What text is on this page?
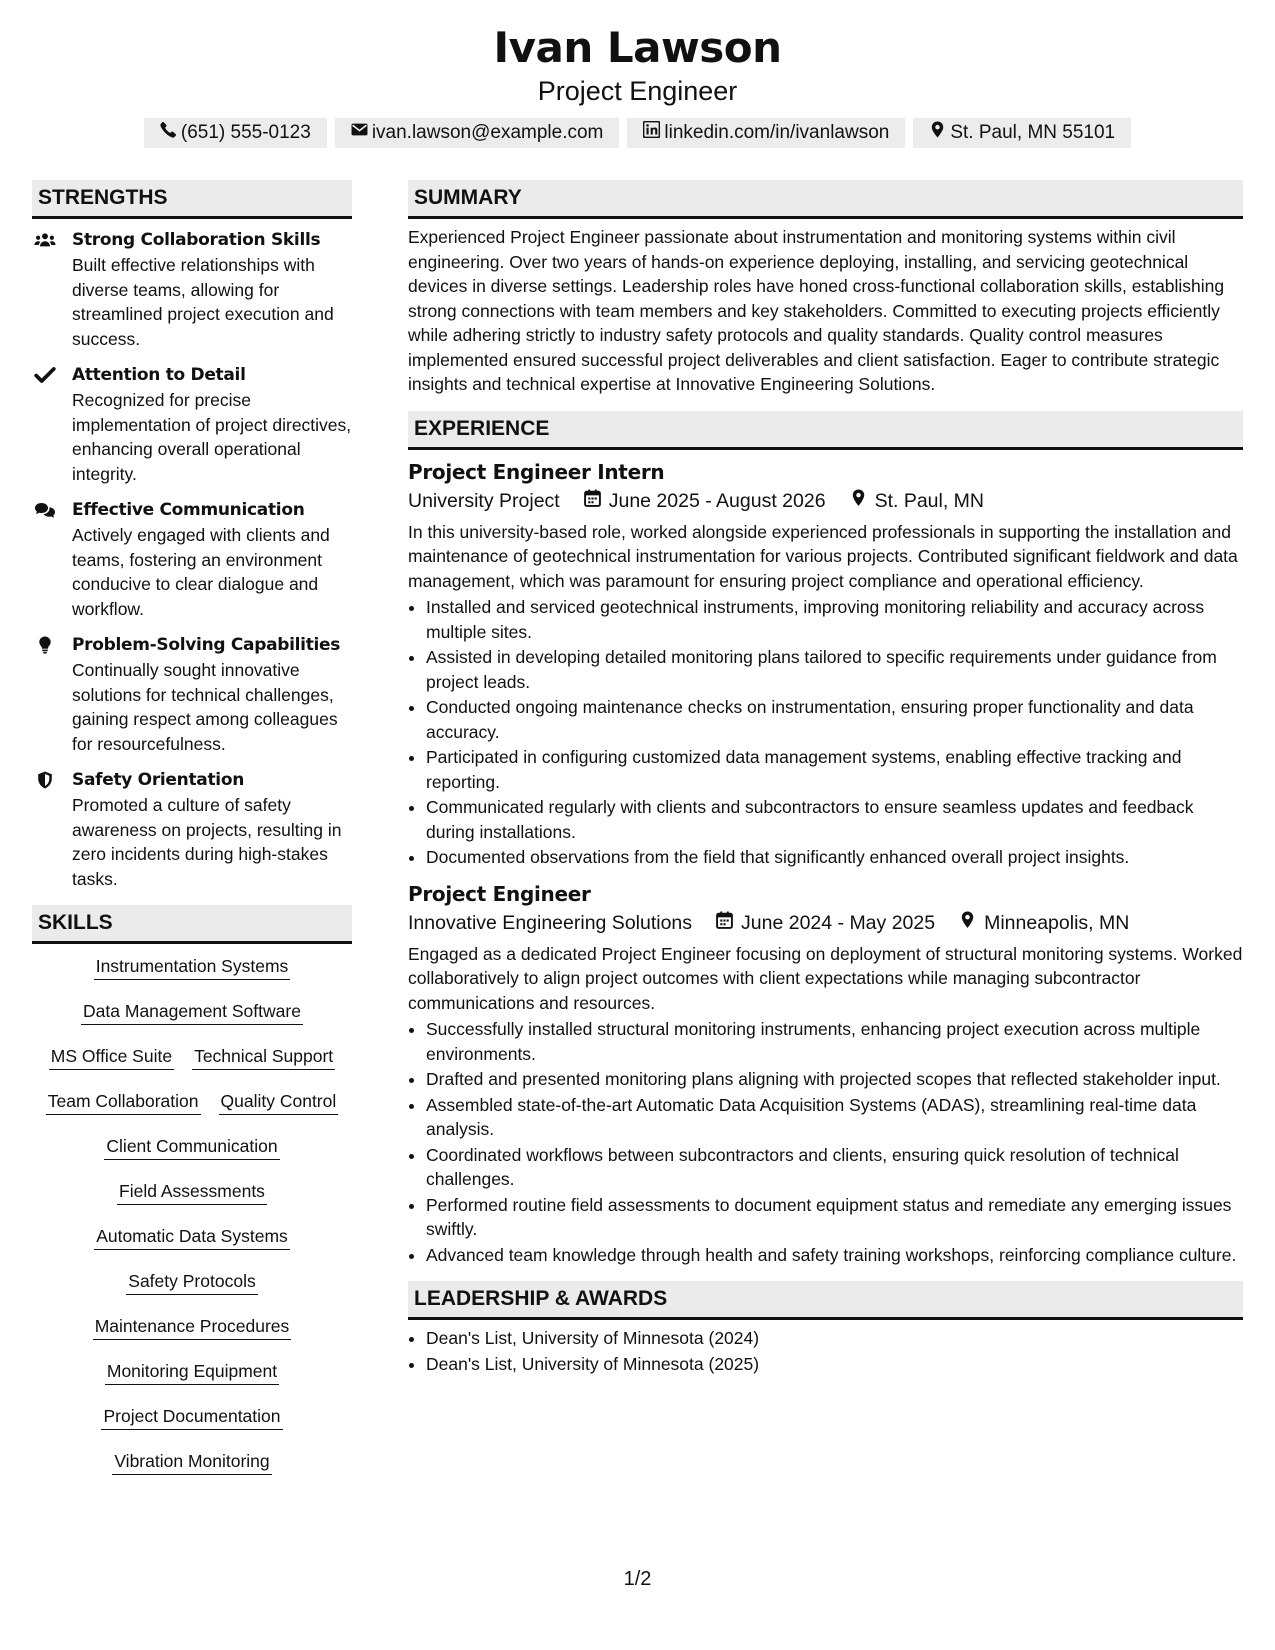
Ivan Lawson
Project Engineer
(651) 555-0123	ivan.lawson@example.com	linkedin.com/in/ivanlawson	St. Paul, MN 55101
STRENGTHS
Strong Collaboration Skills
Built effective relationships with diverse teams, allowing for streamlined project execution and success.
Attention to Detail
Recognized for precise implementation of project directives, enhancing overall operational integrity.
Effective Communication
Actively engaged with clients and teams, fostering an environment conducive to clear dialogue and workflow.
Problem-Solving Capabilities
Continually sought innovative solutions for technical challenges, gaining respect among colleagues for resourcefulness.
Safety Orientation
Promoted a culture of safety awareness on projects, resulting in zero incidents during high-stakes tasks.
SKILLS
Instrumentation Systems
Data Management Software
MS Office Suite Technical Support
Team Collaboration Quality Control
Client Communication
Field Assessments
Automatic Data Systems
Safety Protocols
Maintenance Procedures
Monitoring Equipment
Project Documentation
Vibration Monitoring
SUMMARY
Experienced Project Engineer passionate about instrumentation and monitoring systems within civil engineering. Over two years of hands-on experience deploying, installing, and servicing geotechnical devices in diverse settings. Leadership roles have honed cross-functional collaboration skills, establishing strong connections with team members and key stakeholders. Committed to executing projects efficiently while adhering strictly to industry safety protocols and quality standards. Quality control measures implemented ensured successful project deliverables and client satisfaction. Eager to contribute strategic insights and technical expertise at Innovative Engineering Solutions.
EXPERIENCE
Project Engineer Intern
University Project	June 2025 - August 2026	St. Paul, MN
In this university-based role, worked alongside experienced professionals in supporting the installation and maintenance of geotechnical instrumentation for various projects. Contributed significant fieldwork and data management, which was paramount for ensuring project compliance and operational efficiency.
• Installed and serviced geotechnical instruments, improving monitoring reliability and accuracy across multiple sites.
• Assisted in developing detailed monitoring plans tailored to specific requirements under guidance from project leads.
• Conducted ongoing maintenance checks on instrumentation, ensuring proper functionality and data accuracy.
• Participated in configuring customized data management systems, enabling effective tracking and reporting.
• Communicated regularly with clients and subcontractors to ensure seamless updates and feedback during installations.
• Documented observations from the field that significantly enhanced overall project insights.
Project Engineer
Innovative Engineering Solutions	June 2024 - May 2025	Minneapolis, MN
Engaged as a dedicated Project Engineer focusing on deployment of structural monitoring systems. Worked collaboratively to align project outcomes with client expectations while managing subcontractor communications and resources.
• Successfully installed structural monitoring instruments, enhancing project execution across multiple environments.
• Drafted and presented monitoring plans aligning with projected scopes that reflected stakeholder input.
• Assembled state-of-the-art Automatic Data Acquisition Systems (ADAS), streamlining real-time data analysis.
• Coordinated workflows between subcontractors and clients, ensuring quick resolution of technical challenges.
• Performed routine field assessments to document equipment status and remediate any emerging issues swiftly.
• Advanced team knowledge through health and safety training workshops, reinforcing compliance culture.
LEADERSHIP & AWARDS
• Dean's List, University of Minnesota (2024)
• Dean's List, University of Minnesota (2025)
1/2
